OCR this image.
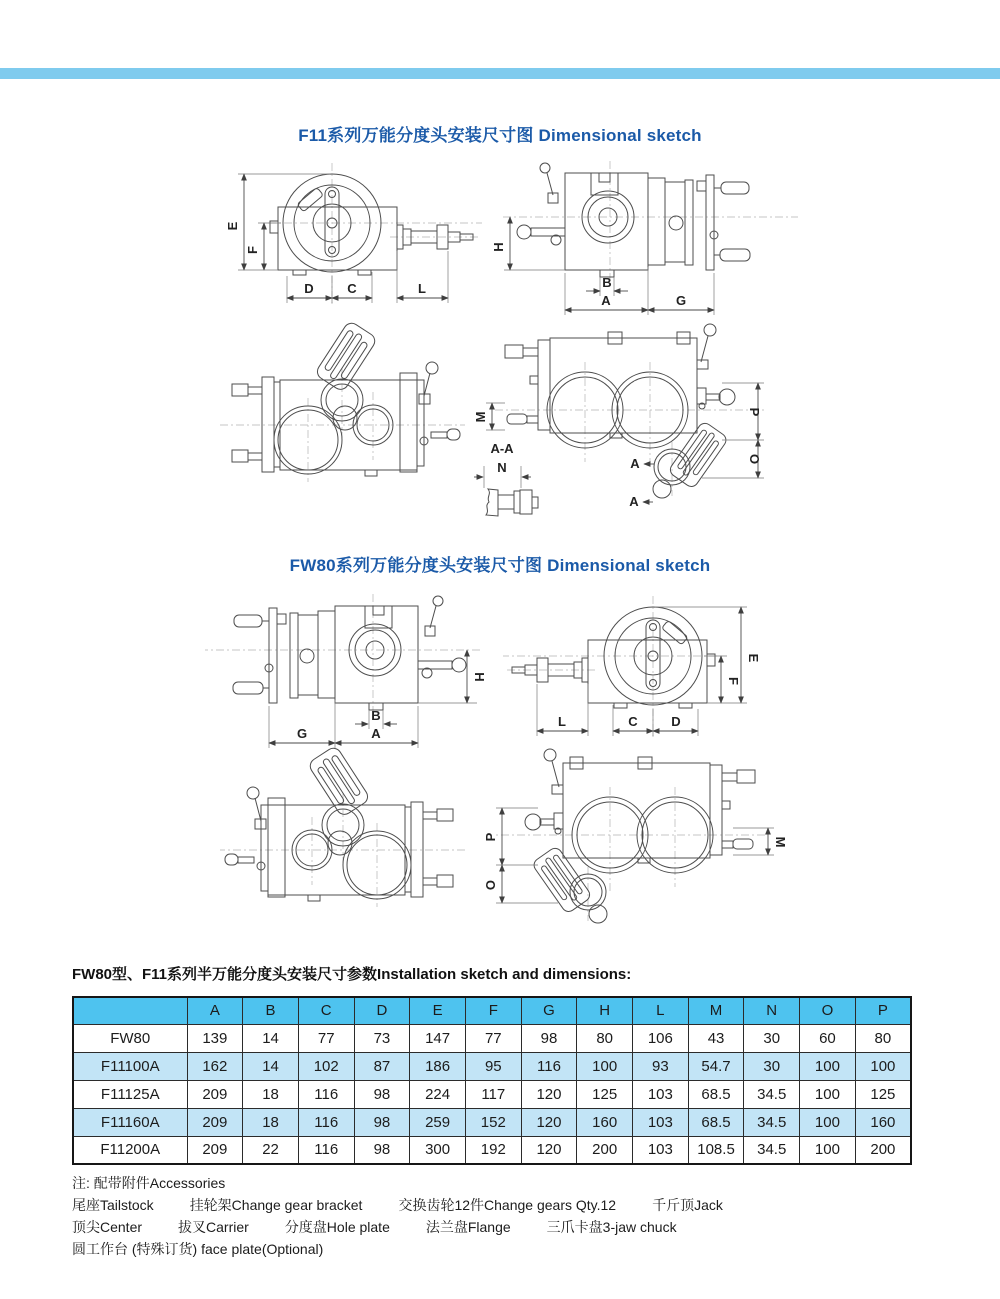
F11系列万能分度头安装尺寸图 Dimensional sketch
E
F
D	C	L
H
B
A	G
M	P
O
A-A
A
A
N
FW80系列万能分度头安装尺寸图 Dimensional sketch
H
B
G	A
E
F
L	C	D
P
O
M
FW80型、F11系列半万能分度头安装尺寸参数Installation sketch and dimensions:
	A	B	C	D	E	F	G	H	L	M	N	O	P
FW80	139	14	77	73	147	77	98	80	106	43	30	60	80
F11100A	162	14	102	87	186	95	116	100	93	54.7	30	100	100
F11125A	209	18	116	98	224	117	120	125	103	68.5	34.5	100	125
F11160A	209	18	116	98	259	152	120	160	103	68.5	34.5	100	160
F11200A	209	22	116	98	300	192	120	200	103	108.5	34.5	100	200
注: 配带附件Accessories
尾座Tailstock	挂轮架Change gear bracket	交换齿轮12件Change gears Qty.12	千斤顶Jack
顶尖Center	拔叉Carrier	分度盘Hole plate	法兰盘Flange	三爪卡盘3-jaw chuck
圆工作台 (特殊订货) face plate(Optional)
